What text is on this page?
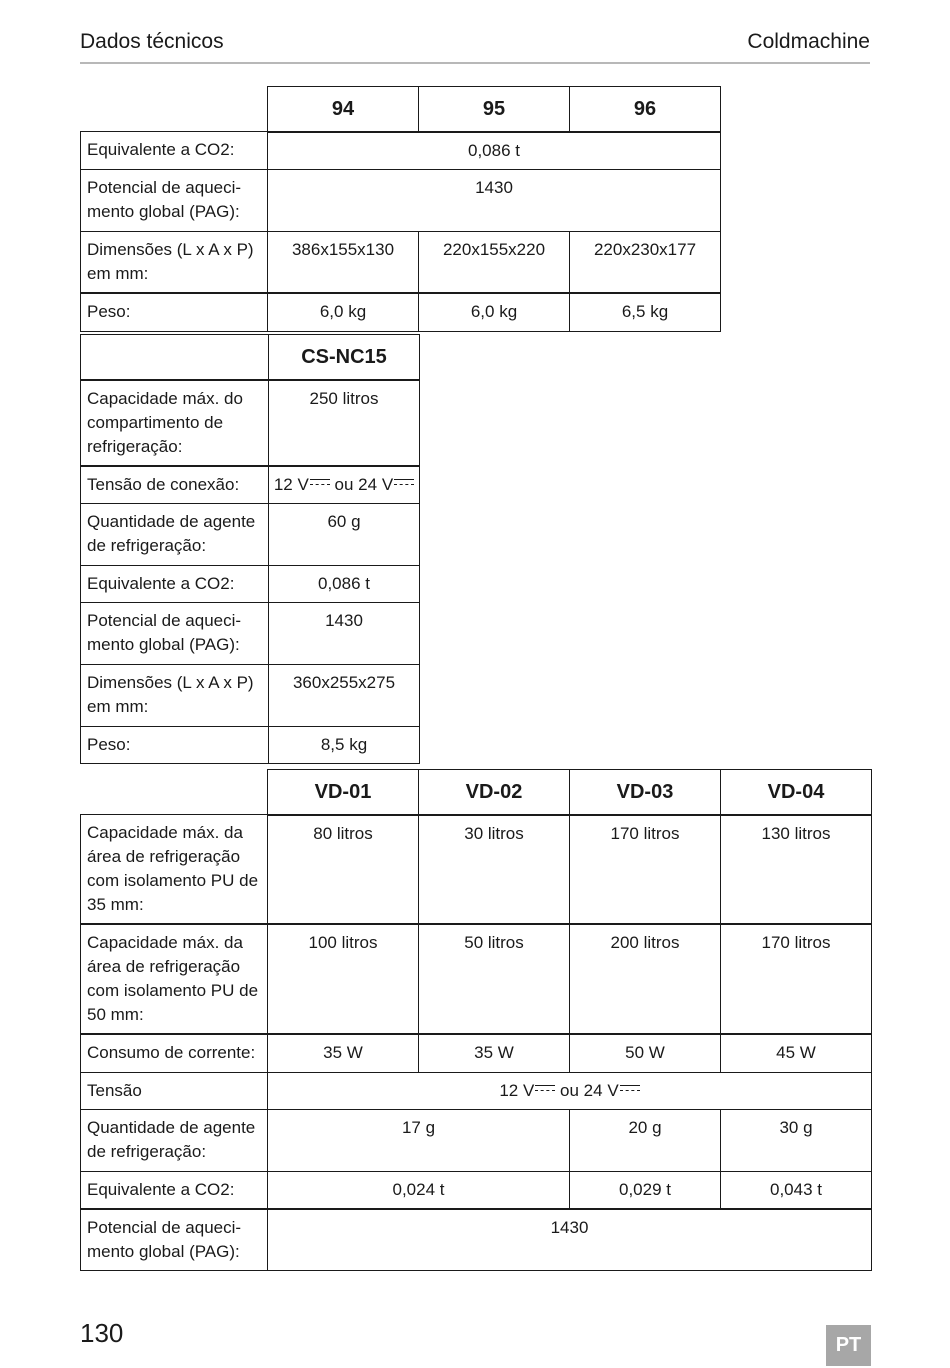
Dados técnicos	Coldmachine
	94	95	96
Equivalente a CO2:	0,086 t		
Potencial de aqueci-
mento global (PAG):	1430		
Dimensões (L x A x P)
em mm:	386x155x130	220x155x220	220x230x177
Peso:	6,0 kg	6,0 kg	6,5 kg
	CS-NC15
Capacidade máx. do
compartimento de
refrigeração:	250 litros
Tensão de conexão:	12 V ou 24 V
Quantidade de agente
de refrigeração:	60 g
Equivalente a CO2:	0,086 t
Potencial de aqueci-
mento global (PAG):	1430
Dimensões (L x A x P)
em mm:	360x255x275
Peso:	8,5 kg
	VD-01	VD-02	VD-03	VD-04
Capacidade máx. da
área de refrigeração
com isolamento PU de
35 mm:	80 litros	30 litros	170 litros	130 litros
Capacidade máx. da
área de refrigeração
com isolamento PU de
50 mm:	100 litros	50 litros	200 litros	170 litros
Consumo de corrente:	35 W	35 W	50 W	45 W
Tensão	12 V ou 24 V			
Quantidade de agente
de refrigeração:	17 g		20 g	30 g
Equivalente a CO2:	0,024 t		0,029 t	0,043 t
Potencial de aqueci-
mento global (PAG):	1430			
130	PT
